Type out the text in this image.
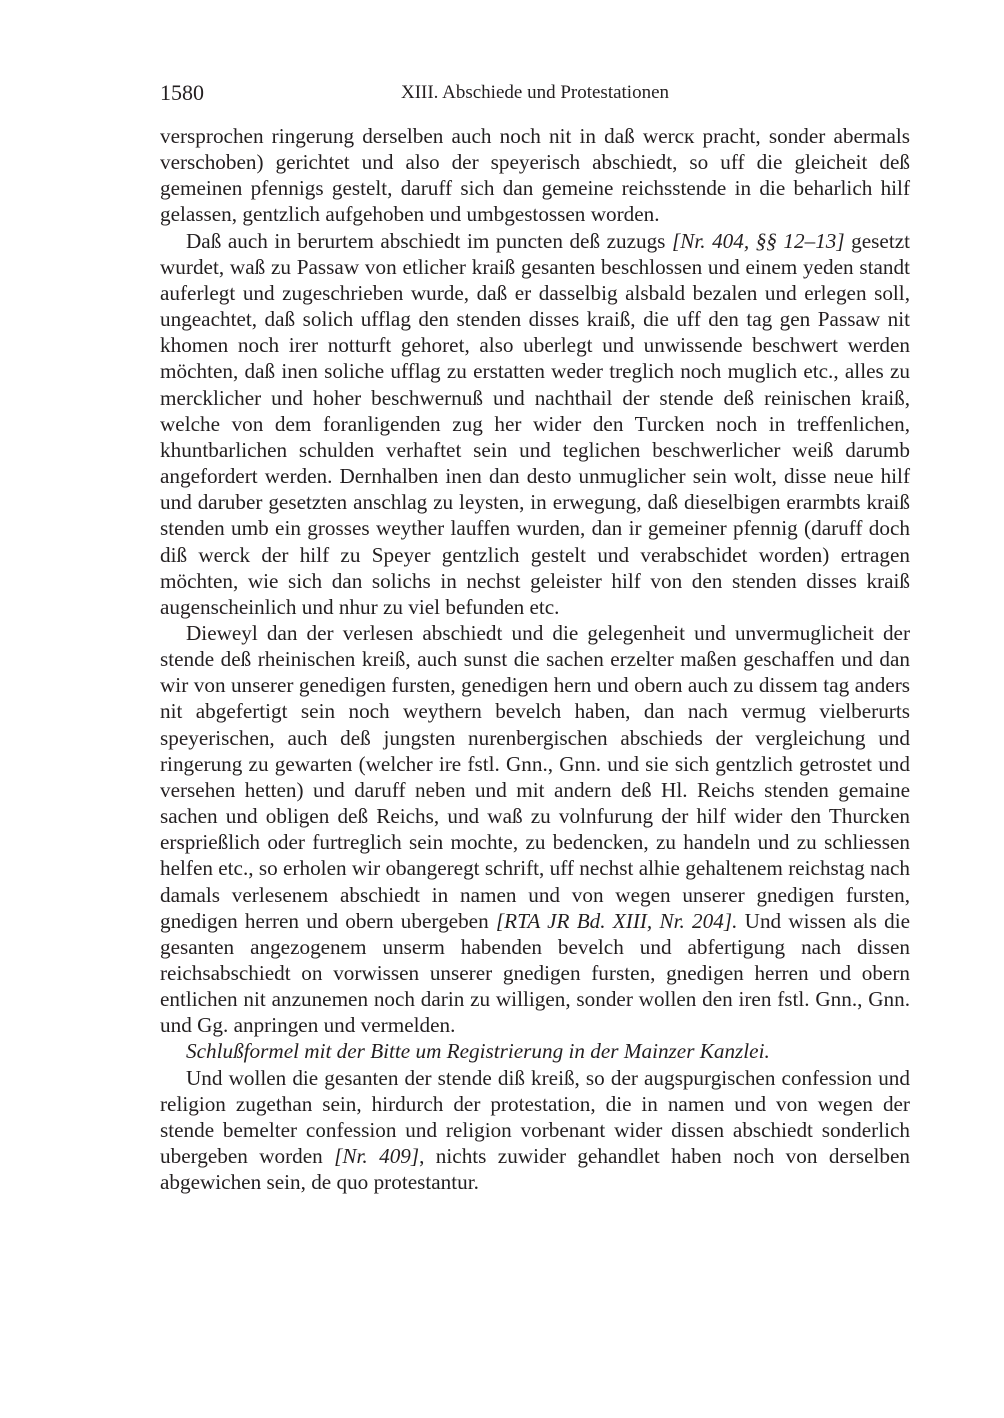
1580	XIII. Abschiede und Protestationen

versprochen ringerung derselben auch noch nit in daß wercк pracht, sonder abermals verschoben) gerichtet und also der speyerisch abschiedt, so uff die gleicheit deß gemeinen pfennigs gestelt, daruff sich dan gemeine reichsstende in die beharlich hilf gelassen, gentzlich aufgehoben und umbgestossen worden.

Daß auch in berurtem abschiedt im puncten deß zuzugs [Nr. 404, §§ 12–13] gesetzt wurdet, waß zu Passaw von etlicher kraiß gesanten beschlossen und einem yeden standt auferlegt und zugeschrieben wurde, daß er dasselbig alsbald bezalen und erlegen soll, ungeachtet, daß solich ufflag den stenden disses kraiß, die uff den tag gen Passaw nit khomen noch irer notturft gehoret, also uberlegt und unwissende beschwert werden möchten, daß inen soliche ufflag zu erstatten weder treglich noch muglich etc., alles zu mercklicher und hoher beschwernuß und nachthail der stende deß reinischen kraiß, welche von dem foranligenden zug her wider den Turcken noch in treffenlichen, khuntbarlichen schulden verhaftet sein und teglichen beschwerlicher weiß darumb angefordert werden. Dernhalben inen dan desto unmuglicher sein wolt, disse neue hilf und daruber gesetzten anschlag zu leysten, in erwegung, daß dieselbigen erarmbts kraiß stenden umb ein grosses weyther lauffen wurden, dan ir gemeiner pfennig (daruff doch diß werck der hilf zu Speyer gentzlich gestelt und verabschidet worden) ertragen möchten, wie sich dan solichs in nechst geleister hilf von den stenden disses kraiß augenscheinlich und nhur zu viel befunden etc.

Dieweyl dan der verlesen abschiedt und die gelegenheit und unvermuglicheit der stende deß rheinischen kreiß, auch sunst die sachen erzelter maßen geschaffen und dan wir von unserer genedigen fursten, genedigen hern und obern auch zu dissem tag anders nit abgefertigt sein noch weythern bevelch haben, dan nach vermug vielberurts speyerischen, auch deß jungsten nurenbergischen abschieds der vergleichung und ringerung zu gewarten (welcher ire fstl. Gnn., Gnn. und sie sich gentzlich getrostet und versehen hetten) und daruff neben und mit andern deß Hl. Reichs stenden gemaine sachen und obligen deß Reichs, und waß zu volnfurung der hilf wider den Thurcken ersprießlich oder furtreglich sein mochte, zu bedencken, zu handeln und zu schliessen helfen etc., so erholen wir obangeregt schrift, uff nechst alhie gehaltenem reichstag nach damals verlesenem abschiedt in namen und von wegen unserer gnedigen fursten, gnedigen herren und obern ubergeben [RTA JR Bd. XIII, Nr. 204]. Und wissen als die gesanten angezogenem unserm habenden bevelch und abfertigung nach dissen reichsabschiedt on vorwissen unserer gnedigen fursten, gnedigen herren und obern entlichen nit anzunemen noch darin zu willigen, sonder wollen den iren fstl. Gnn., Gnn. und Gg. anpringen und vermelden.

Schlußformel mit der Bitte um Registrierung in der Mainzer Kanzlei.

Und wollen die gesanten der stende diß kreiß, so der augspurgischen confession und religion zugethan sein, hirdurch der protestation, die in namen und von wegen der stende bemelter confession und religion vorbenant wider dissen abschiedt sonderlich ubergeben worden [Nr. 409], nichts zuwider gehandlet haben noch von derselben abgewichen sein, de quo protestantur.
